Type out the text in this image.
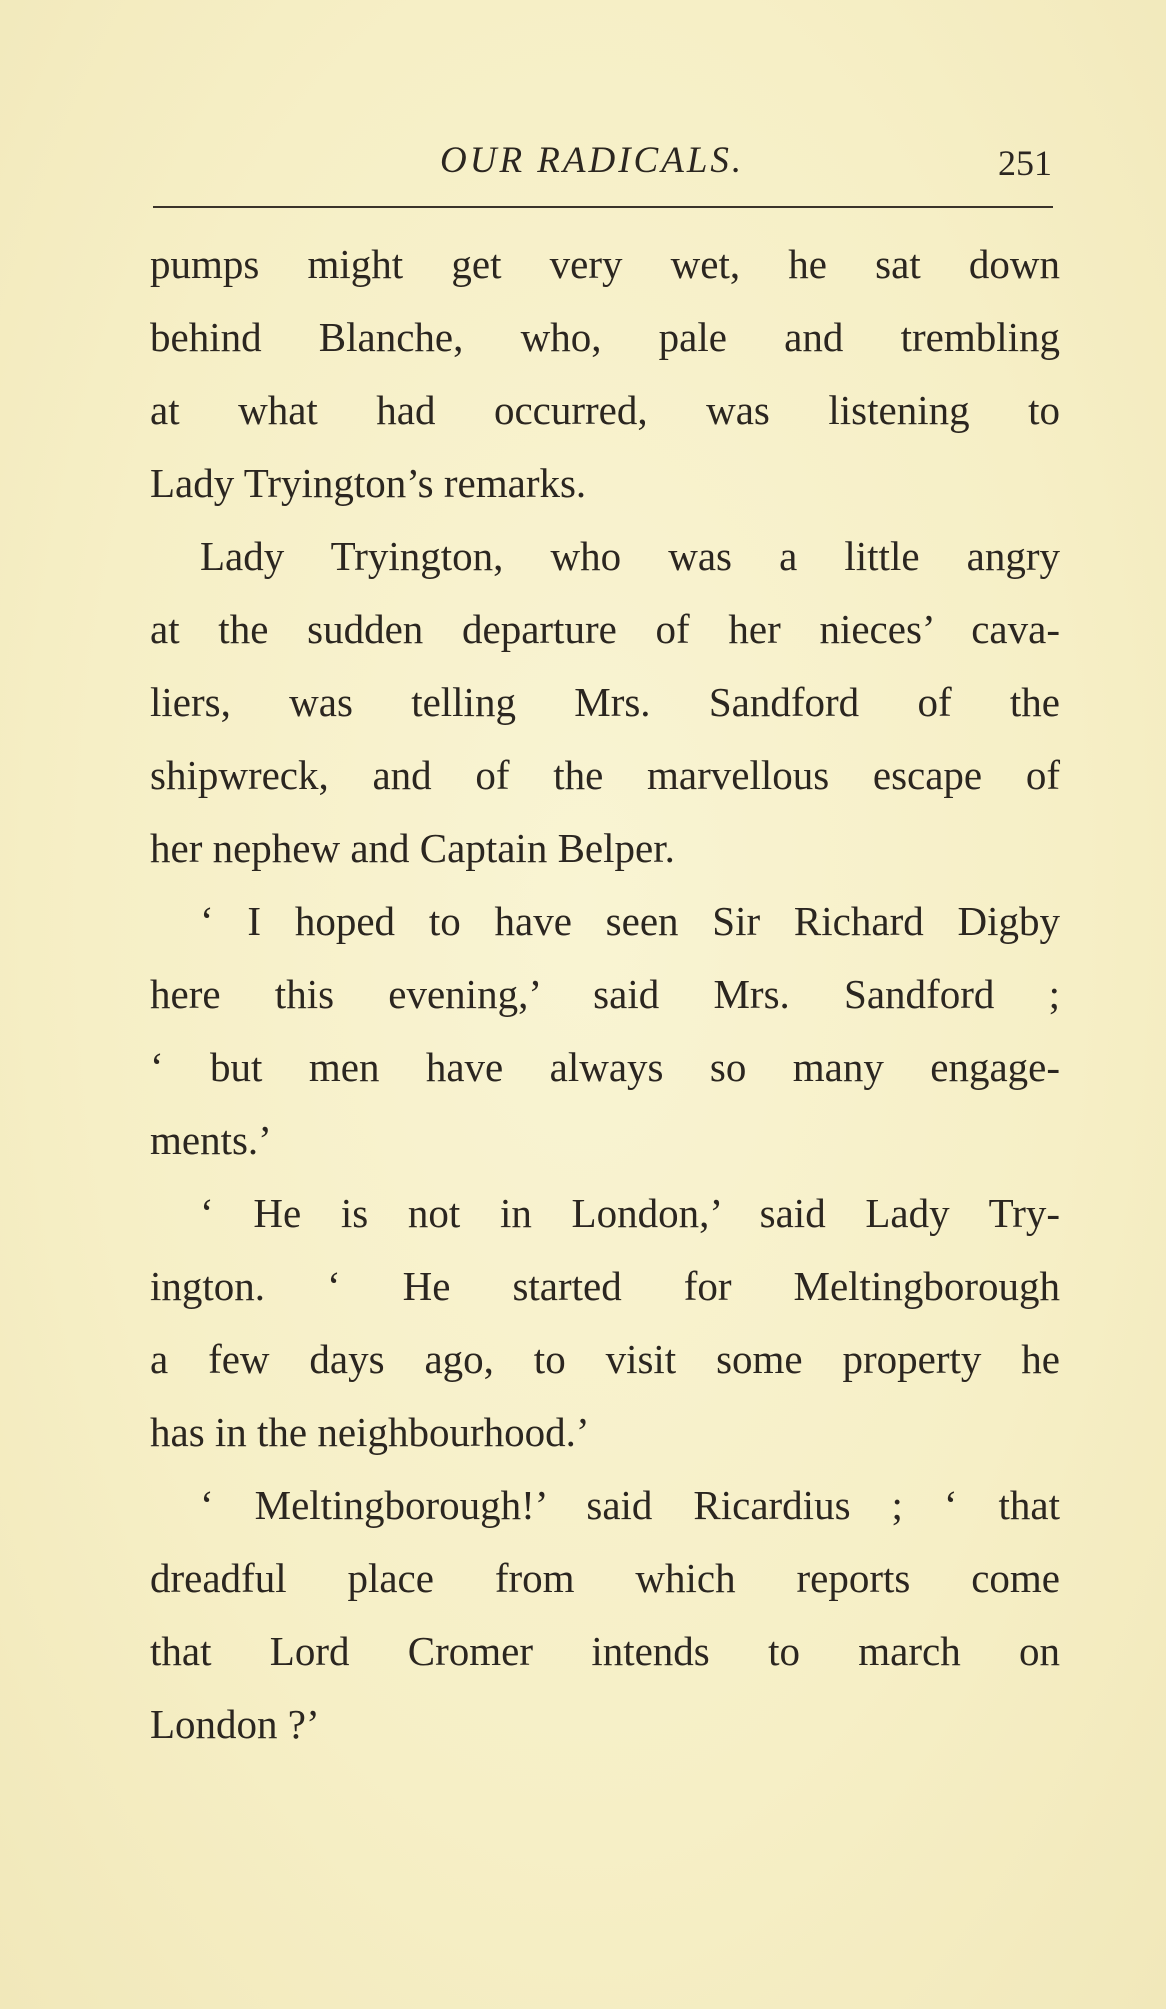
OUR RADICALS.	251
pumps might get very wet, he sat down
behind Blanche, who, pale and trembling
at what had occurred, was listening to
Lady Tryington’s remarks.
Lady Tryington, who was a little angry
at the sudden departure of her nieces’ cava-
liers, was telling Mrs. Sandford of the
shipwreck, and of the marvellous escape of
her nephew and Captain Belper.
‘ I hoped to have seen Sir Richard Digby
here this evening,’ said Mrs. Sandford ;
‘ but men have always so many engage-
ments.’
‘ He is not in London,’ said Lady Try-
ington. ‘ He started for Meltingborough
a few days ago, to visit some property he
has in the neighbourhood.’
‘ Meltingborough!’ said Ricardius ; ‘ that
dreadful place from which reports come
that Lord Cromer intends to march on
London ?’
